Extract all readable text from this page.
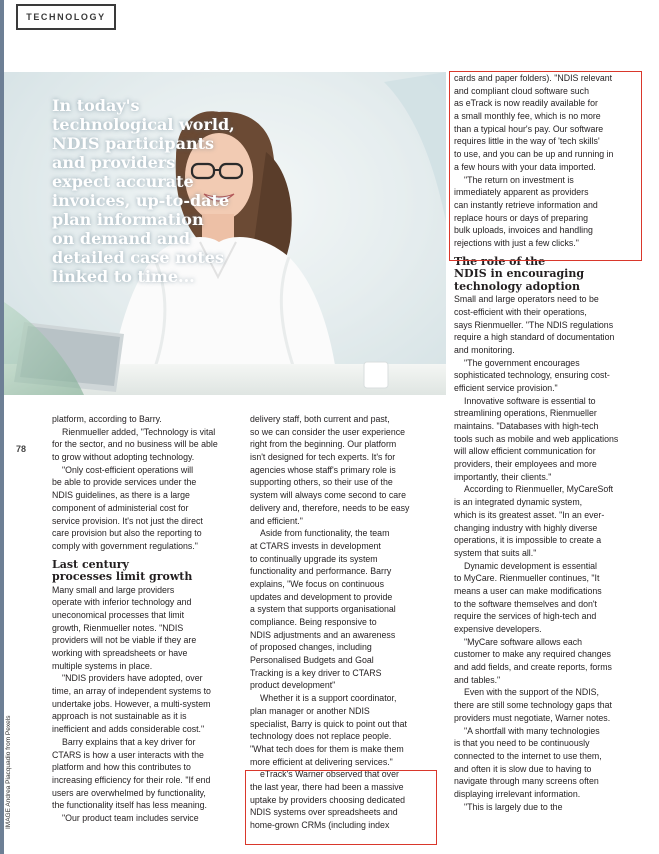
TECHNOLOGY
In today's
technological world,
NDIS participants
and providers
expect accurate
invoices, up-to-date
plan information
on demand and
detailed case notes
linked to time...
78
IMAGE Andrea Piacquadio from Pexels
platform, according to Barry.
Rienmueller added, "Technology is vital
for the sector, and no business will be able
to grow without adopting technology.
"Only cost-efficient operations will
be able to provide services under the
NDIS guidelines, as there is a large
component of administerial cost for
service provision. It's not just the direct
care provision but also the reporting to
comply with government regulations."
Last century
processes limit growth
Many small and large providers
operate with inferior technology and
uneconomical processes that limit
growth, Rienmueller notes. "NDIS
providers will not be viable if they are
working with spreadsheets or have
multiple systems in place.
"NDIS providers have adopted, over
time, an array of independent systems to
undertake jobs. However, a multi-system
approach is not sustainable as it is
inefficient and adds considerable cost."
Barry explains that a key driver for
CTARS is how a user interacts with the
platform and how this contributes to
increasing efficiency for their role. "If end
users are overwhelmed by functionality,
the functionality itself has less meaning.
"Our product team includes service
delivery staff, both current and past,
so we can consider the user experience
right from the beginning. Our platform
isn't designed for tech experts. It's for
agencies whose staff's primary role is
supporting others, so their use of the
system will always come second to care
delivery and, therefore, needs to be easy
and efficient."
Aside from functionality, the team
at CTARS invests in development
to continually upgrade its system
functionality and performance. Barry
explains, "We focus on continuous
updates and development to provide
a system that supports organisational
compliance. Being responsive to
NDIS adjustments and an awareness
of proposed changes, including
Personalised Budgets and Goal
Tracking is a key driver to CTARS
product development"
Whether it is a support coordinator,
plan manager or another NDIS
specialist, Barry is quick to point out that
technology does not replace people.
"What tech does for them is make them
more efficient at delivering services."
eTrack's Warner observed that over
the last year, there had been a massive
uptake by providers choosing dedicated
NDIS systems over spreadsheets and
home-grown CRMs (including index
cards and paper folders). "NDIS relevant
and compliant cloud software such
as eTrack is now readily available for
a small monthly fee, which is no more
than a typical hour's pay. Our software
requires little in the way of 'tech skills'
to use, and you can be up and running in
a few hours with your data imported.
"The return on investment is
immediately apparent as providers
can instantly retrieve information and
replace hours or days of preparing
bulk uploads, invoices and handling
rejections with just a few clicks."
The role of the
NDIS in encouraging
technology adoption
Small and large operators need to be
cost-efficient with their operations,
says Rienmueller. "The NDIS regulations
require a high standard of documentation
and monitoring.
"The government encourages
sophisticated technology, ensuring cost-
efficient service provision."
Innovative software is essential to
streamlining operations, Rienmueller
maintains. "Databases with high-tech
tools such as mobile and web applications
will allow efficient communication for
providers, their employees and more
importantly, their clients."
According to Rienmueller, MyCareSoft
is an integrated dynamic system,
which is its greatest asset. "In an ever-
changing industry with highly diverse
operations, it is impossible to create a
system that suits all."
Dynamic development is essential
to MyCare. Rienmueller continues, "It
means a user can make modifications
to the software themselves and don't
require the services of high-tech and
expensive developers.
"MyCare software allows each
customer to make any required changes
and add fields, and create reports, forms
and tables."
Even with the support of the NDIS,
there are still some technology gaps that
providers must negotiate, Warner notes.
"A shortfall with many technologies
is that you need to be continuously
connected to the internet to use them,
and often it is slow due to having to
navigate through many screens often
displaying irrelevant information.
"This is largely due to the
